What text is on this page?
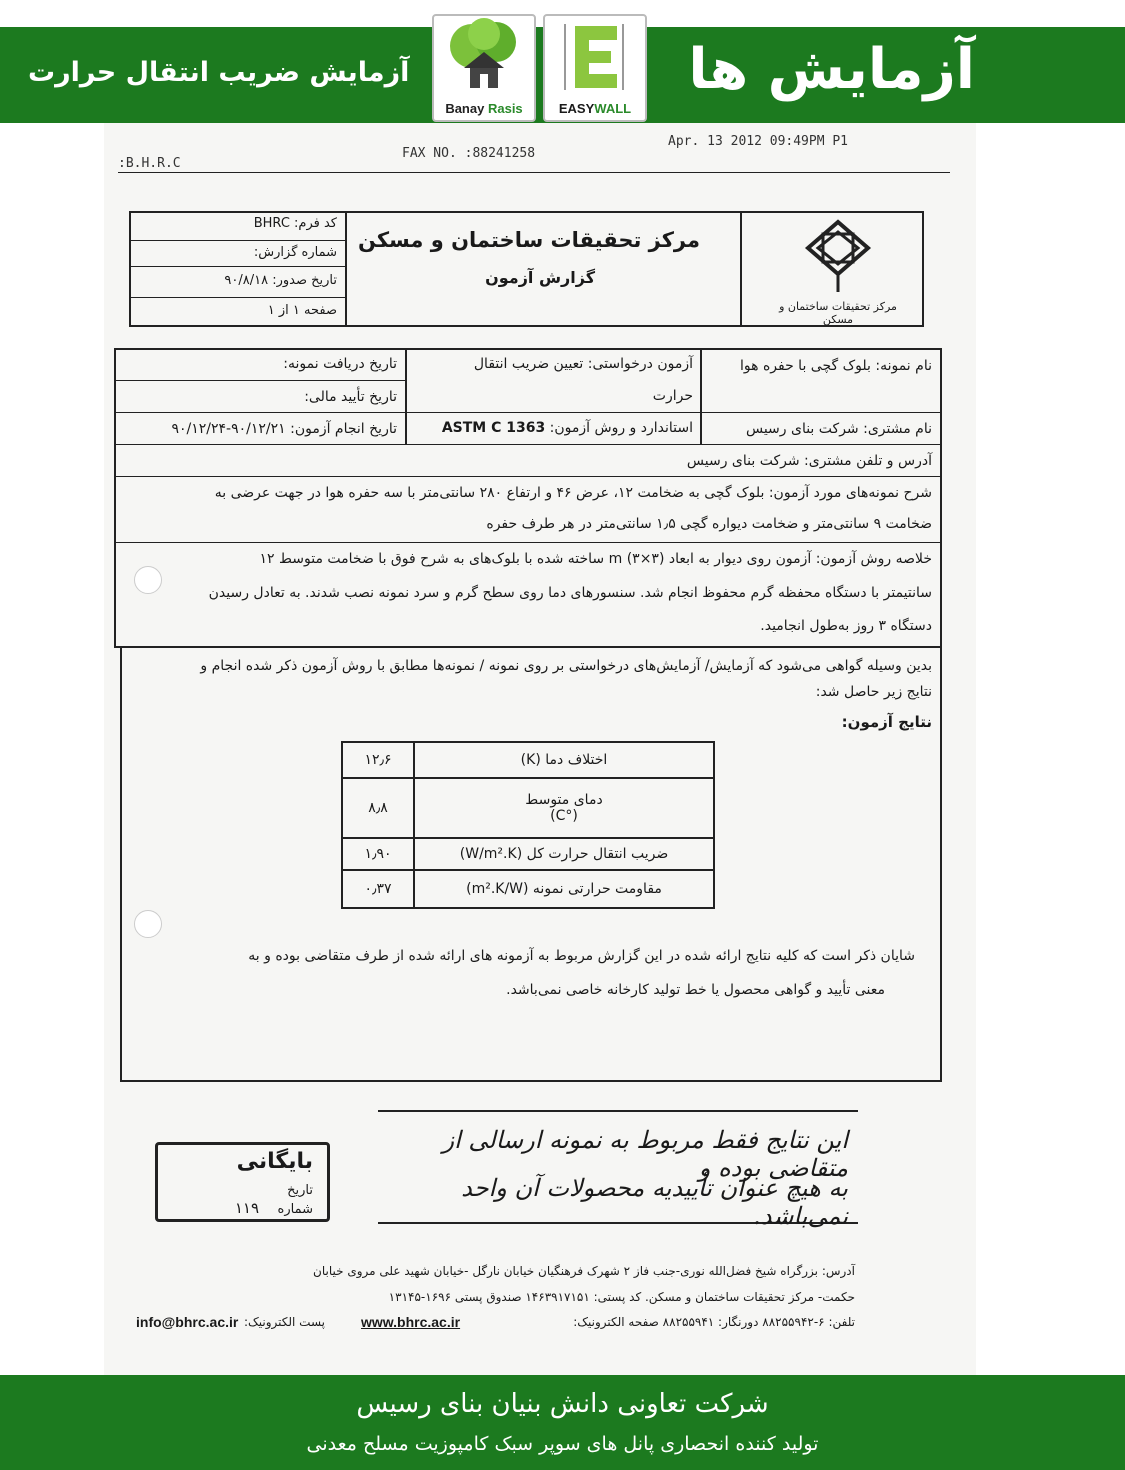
آزمایش ها
آزمایش ضریب انتقال حرارت
Banay Rasis	EASYWALL
:B.H.R.C
FAX NO. :88241258
Apr. 13 2012 09:49PM P1
کد فرم: BHRC
شماره گزارش:
تاریخ صدور: ۹۰/۸/۱۸
صفحه ۱ از ۱
مرکز تحقیقات ساختمان و مسکن
گزارش آزمون
مرکز تحقیقات ساختمان و مسکن
نام نمونه: بلوک گچی با حفره هوا
آزمون درخواستی: تعیین ضریب انتقال
حرارت
تاریخ دریافت نمونه:
تاریخ تأیید مالی:
نام مشتری: شرکت بنای رسیس
استاندارد و روش آزمون: ASTM C 1363
تاریخ انجام آزمون: ۹۰/۱۲/۲۱-۹۰/۱۲/۲۴
آدرس و تلفن مشتری: شرکت بنای رسیس
شرح نمونه‌های مورد آزمون: بلوک گچی به ضخامت ۱۲، عرض ۴۶ و ارتفاع ۲۸۰ سانتی‌متر با سه حفره هوا در جهت عرضی به
ضخامت ۹ سانتی‌متر و ضخامت دیواره گچی ۱٫۵ سانتی‌متر در هر طرف حفره
خلاصه روش آزمون: آزمون روی دیوار به ابعاد m (۳×۳) ساخته شده با بلوک‌های به شرح فوق با ضخامت متوسط ۱۲
سانتیمتر با دستگاه محفظه گرم محفوظ انجام شد. سنسورهای دما روی سطح گرم و سرد نمونه نصب شدند. به تعادل رسیدن
دستگاه ۳ روز به‌طول انجامید.
بدین وسیله گواهی می‌شود که آزمایش/ آزمایش‌های درخواستی بر روی نمونه / نمونه‌ها مطابق با روش آزمون ذکر شده انجام و
نتایج زیر حاصل شد:
نتایج آزمون:
۱۲٫۶	اختلاف دما (K)
۸٫۸	دمای متوسط
(°C)

۱٫۹۰	ضریب انتقال حرارت کل (W/m².K)
۰٫۳۷	مقاومت حرارتی نمونه (m².K/W)
شایان ذکر است که کلیه نتایج ارائه شده در این گزارش مربوط به آزمونه های ارائه شده از طرف متقاضی بوده و به
معنی تأیید و گواهی محصول یا خط تولید کارخانه خاصی نمی‌باشد.
این نتایج فقط مربوط به نمونه ارسالی از متقاضی بوده و
به هیچ عنوان تأییدیه محصولات آن واحد نمی‌باشد.
بایگانی
تاریخ
شماره
۱۱۹
آدرس: بزرگراه شیخ فضل‌الله نوری-جنب فاز ۲ شهرک فرهنگیان خیابان نارگل -خیابان شهید علی مروی خیابان
حکمت- مرکز تحقیقات ساختمان و مسکن. کد پستی: ۱۴۶۳۹۱۷۱۵۱ صندوق پستی ۱۶۹۶-۱۳۱۴۵
تلفن: ۶-۸۸۲۵۵۹۴۲ دورنگار: ۸۸۲۵۵۹۴۱ صفحه الکترونیک:
www.bhrc.ac.ir
پست الکترونیک:
info@bhrc.ac.ir
شرکت تعاونی دانش بنیان بنای رسیس
تولید کننده انحصاری پانل های سوپر سبک کامپوزیت مسلح معدنی
